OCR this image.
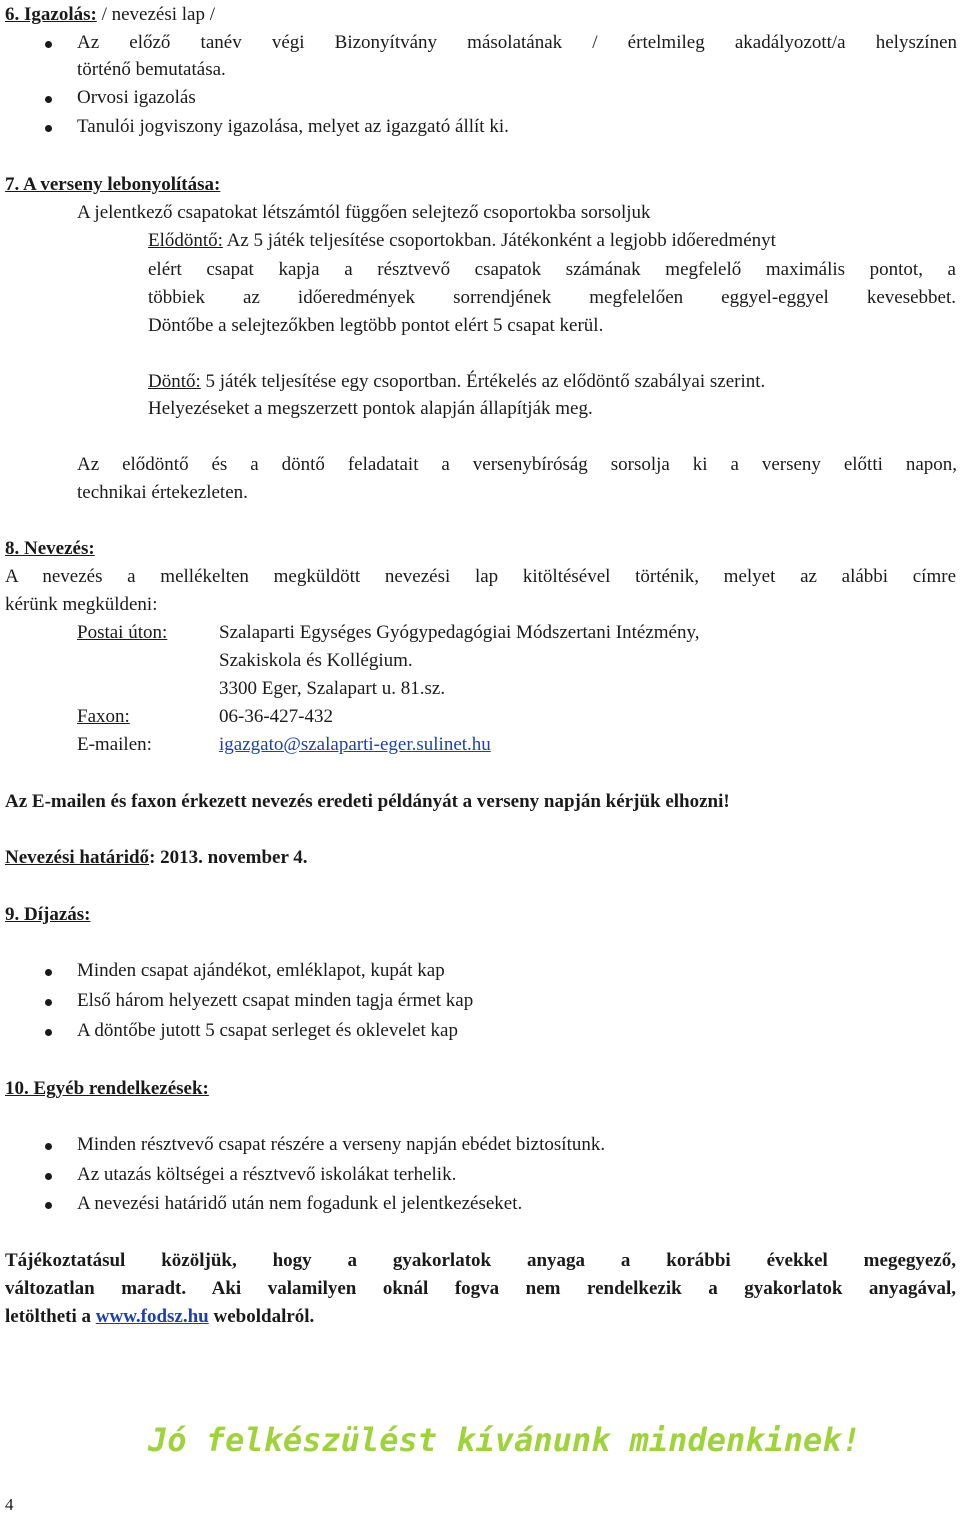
6. Igazolás: / nevezési lap /
Az előző tanév végi Bizonyítvány másolatának / értelmileg akadályozott/a helyszínen
történő bemutatása.
Orvosi igazolás
Tanulói jogviszony igazolása, melyet az igazgató állít ki.
7. A verseny lebonyolítása:
A jelentkező csapatokat létszámtól függően selejtező csoportokba sorsoljuk
Elődöntő: Az 5 játék teljesítése csoportokban. Játékonként a legjobb időeredményt
elért csapat kapja a résztvevő csapatok számának megfelelő maximális pontot, a
többiek az időeredmények sorrendjének megfelelően eggyel-eggyel kevesebbet.
Döntőbe a selejtezőkben legtöbb pontot elért 5 csapat kerül.
Döntő: 5 játék teljesítése egy csoportban. Értékelés az elődöntő szabályai szerint.
Helyezéseket a megszerzett pontok alapján állapítják meg.
Az elődöntő és a döntő feladatait a versenybíróság sorsolja ki a verseny előtti napon,
technikai értekezleten.
8. Nevezés:
A nevezés a mellékelten megküldött nevezési lap kitöltésével történik, melyet az alábbi címre
kérünk megküldeni:
Postai úton:	Szalaparti Egységes Gyógypedagógiai Módszertani Intézmény,
Szakiskola és Kollégium.
3300 Eger, Szalapart u. 81.sz.
Faxon:	06-36-427-432
E-mailen:	igazgato@szalaparti-eger.sulinet.hu
Az E-mailen és faxon érkezett nevezés eredeti példányát a verseny napján kérjük elhozni!
Nevezési határidő: 2013. november 4.
9. Díjazás:
Minden csapat ajándékot, emléklapot, kupát kap
Első három helyezett csapat minden tagja érmet kap
A döntőbe jutott 5 csapat serleget és oklevelet kap
10. Egyéb rendelkezések:
Minden résztvevő csapat részére a verseny napján ebédet biztosítunk.
Az utazás költségei a résztvevő iskolákat terhelik.
A nevezési határidő után nem fogadunk el jelentkezéseket.
Tájékoztatásul közöljük, hogy a gyakorlatok anyaga a korábbi évekkel megegyező,
változatlan maradt. Aki valamilyen oknál fogva nem rendelkezik a gyakorlatok anyagával,
letöltheti a www.fodsz.hu weboldalról.
Jó felkészülést kívánunk mindenkinek!
4
